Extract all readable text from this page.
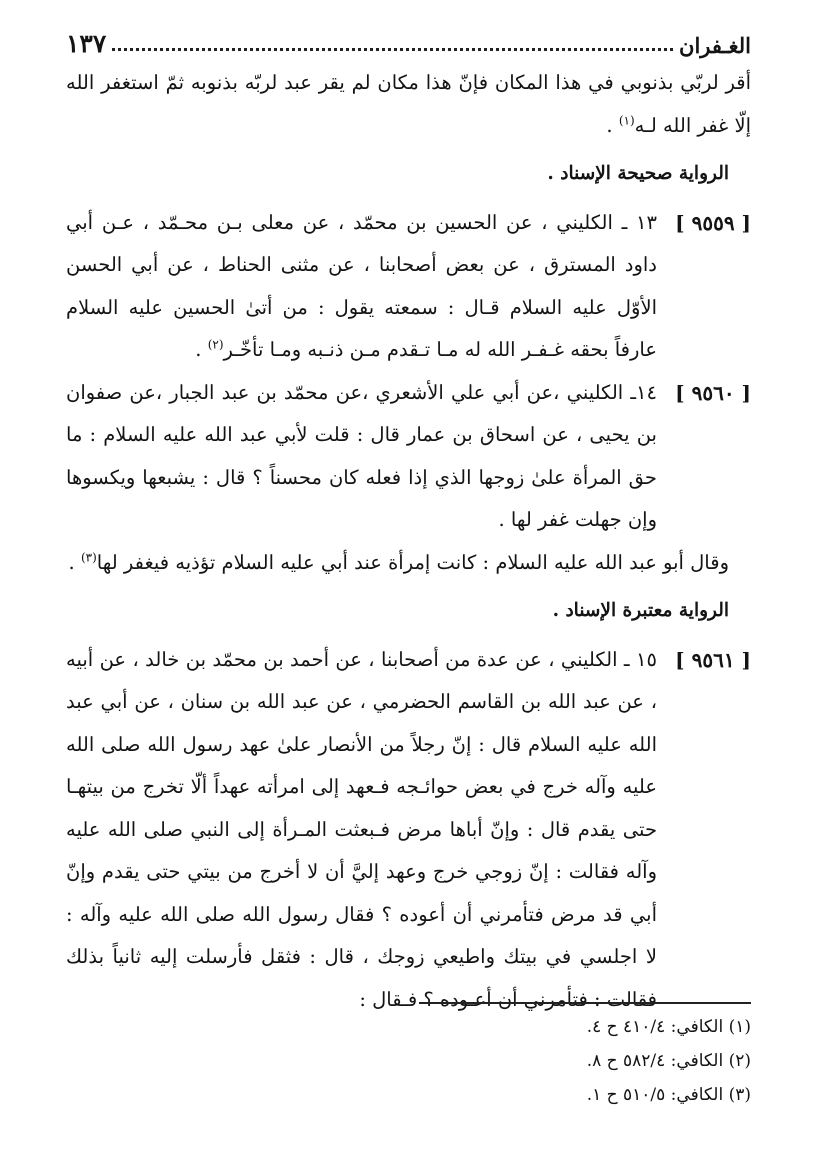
الغـفران
١٣٧

أقر لربّي بذنوبي في هذا المكان فإنّ هذا مكان لم يقر عبد لربّه بذنوبه ثمّ استغفر الله إلّا غفر الله لـه$^{(١)}$ .

الرواية صحيحة الإسناد .

[ ٩٥٥٩ ]
١٣ ـ الكليني ، عن الحسين بن محمّد ، عن معلى بـن محـمّد ، عـن أبي داود المسترق ، عن بعض أصحابنا ، عن مثنى الحناط ، عن أبي الحسن الأوّل عليه السلام قـال : سمعته يقول : من أتىٰ الحسين عليه السلام عارفاً بحقه غـفـر الله له مـا تـقدم مـن ذنـبه ومـا تأخّـر$^{(٢)}$ .

[ ٩٥٦٠ ]
١٤ـ الكليني ،عن أبي علي الأشعري ،عن محمّد بن عبد الجبار ،عن صفوان بن يحيى ، عن اسحاق بن عمار قال : قلت لأبي عبد الله عليه السلام : ما حق المرأة علىٰ زوجها الذي إذا فعله كان محسناً ؟ قال : يشبعها ويكسوها وإن جهلت غفر لها .

وقال أبو عبد الله عليه السلام : كانت إمرأة عند أبي عليه السلام تؤذيه فيغفر لها$^{(٣)}$ .

الرواية معتبرة الإسناد .

[ ٩٥٦١ ]
١٥ ـ الكليني ، عن عدة من أصحابنا ، عن أحمد بن محمّد بن خالد ، عن أبيه ، عن عبد الله بن القاسم الحضرمي ، عن عبد الله بن سنان ، عن أبي عبد الله عليه السلام قال : إنّ رجلاً من الأنصار علىٰ عهد رسول الله صلى الله عليه وآله خرج في بعض حوائـجه فـعهد إلى امرأته عهداً ألّا تخرج من بيتهـا حتى يقدم قال : وإنّ أباها مرض فـبعثت المـرأة إلى النبي صلى الله عليه وآله فقالت : إنّ زوجي خرج وعهد إليَّ أن لا أخرج من بيتي حتى يقدم وإنّ أبي قد مرض فتأمرني أن أعوده ؟ فقال رسول الله صلى الله عليه وآله : لا اجلسي في بيتك واطيعي زوجك ، قال : فثقل فأرسلت إليه ثانياً بذلك فقالت : فتأمرني أن أعـوده ؟ فـقال :

(١) الكافي: ٤١٠/٤ ح ٤.
(٢) الكافي: ٥٨٢/٤ ح ٨.
(٣) الكافي: ٥١٠/٥ ح ١.
